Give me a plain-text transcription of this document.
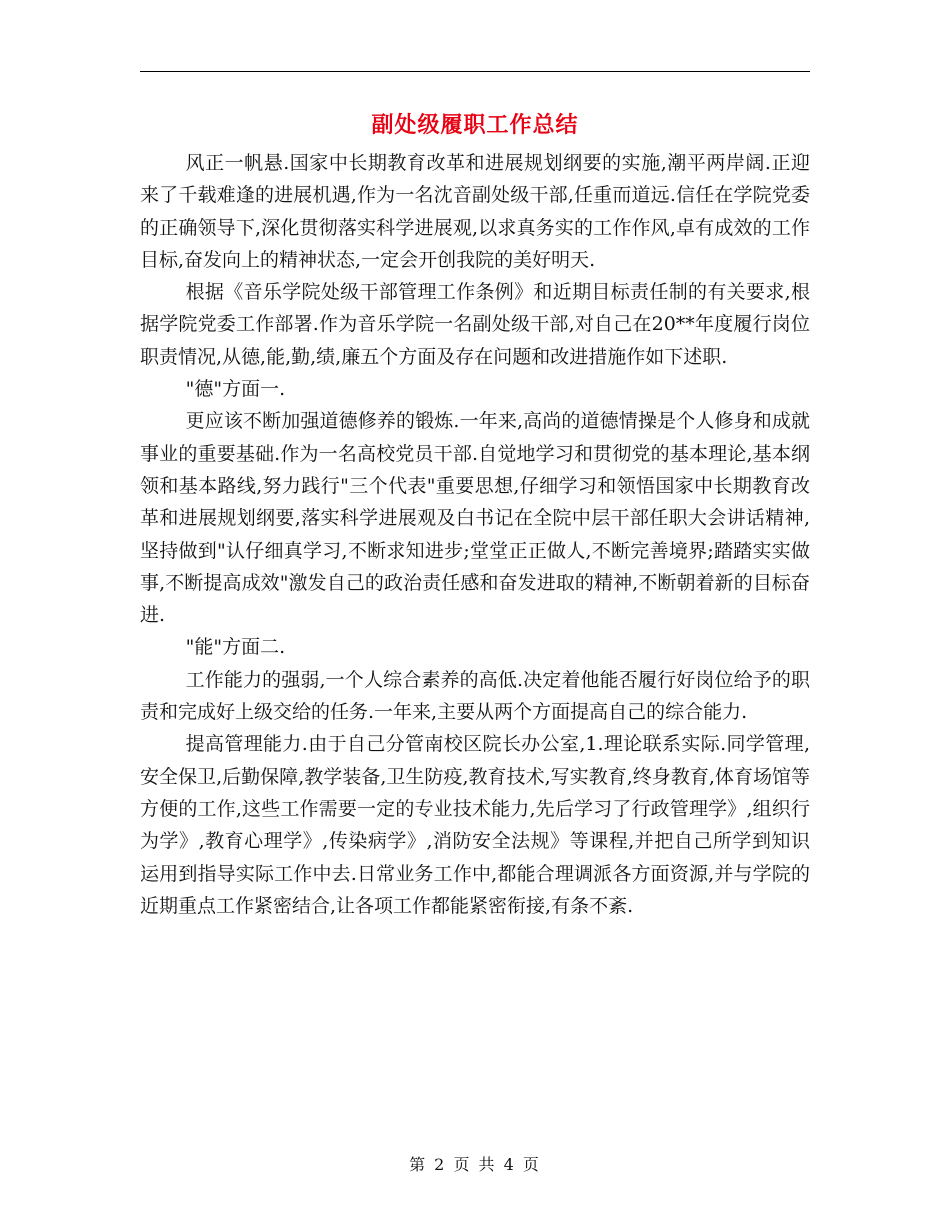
副处级履职工作总结

风正一帆悬.国家中长期教育改革和进展规划纲要的实施,潮平两岸阔.正迎来了千载难逢的进展机遇,作为一名沈音副处级干部,任重而道远.信任在学院党委的正确领导下,深化贯彻落实科学进展观,以求真务实的工作作风,卓有成效的工作目标,奋发向上的精神状态,一定会开创我院的美好明天.

根据《音乐学院处级干部管理工作条例》和近期目标责任制的有关要求,根据学院党委工作部署.作为音乐学院一名副处级干部,对自己在20**年度履行岗位职责情况,从德,能,勤,绩,廉五个方面及存在问题和改进措施作如下述职.

"德"方面一.

更应该不断加强道德修养的锻炼.一年来,高尚的道德情操是个人修身和成就事业的重要基础.作为一名高校党员干部.自觉地学习和贯彻党的基本理论,基本纲领和基本路线,努力践行"三个代表"重要思想,仔细学习和领悟国家中长期教育改革和进展规划纲要,落实科学进展观及白书记在全院中层干部任职大会讲话精神,坚持做到"认仔细真学习,不断求知进步;堂堂正正做人,不断完善境界;踏踏实实做事,不断提高成效"激发自己的政治责任感和奋发进取的精神,不断朝着新的目标奋进.

"能"方面二.

工作能力的强弱,一个人综合素养的高低.决定着他能否履行好岗位给予的职责和完成好上级交给的任务.一年来,主要从两个方面提高自己的综合能力.

提高管理能力.由于自己分管南校区院长办公室,1.理论联系实际.同学管理,安全保卫,后勤保障,教学装备,卫生防疫,教育技术,写实教育,终身教育,体育场馆等方便的工作,这些工作需要一定的专业技术能力,先后学习了行政管理学》,组织行为学》,教育心理学》,传染病学》,消防安全法规》等课程,并把自己所学到知识运用到指导实际工作中去.日常业务工作中,都能合理调派各方面资源,并与学院的近期重点工作紧密结合,让各项工作都能紧密衔接,有条不紊.

第 2 页 共 4 页
